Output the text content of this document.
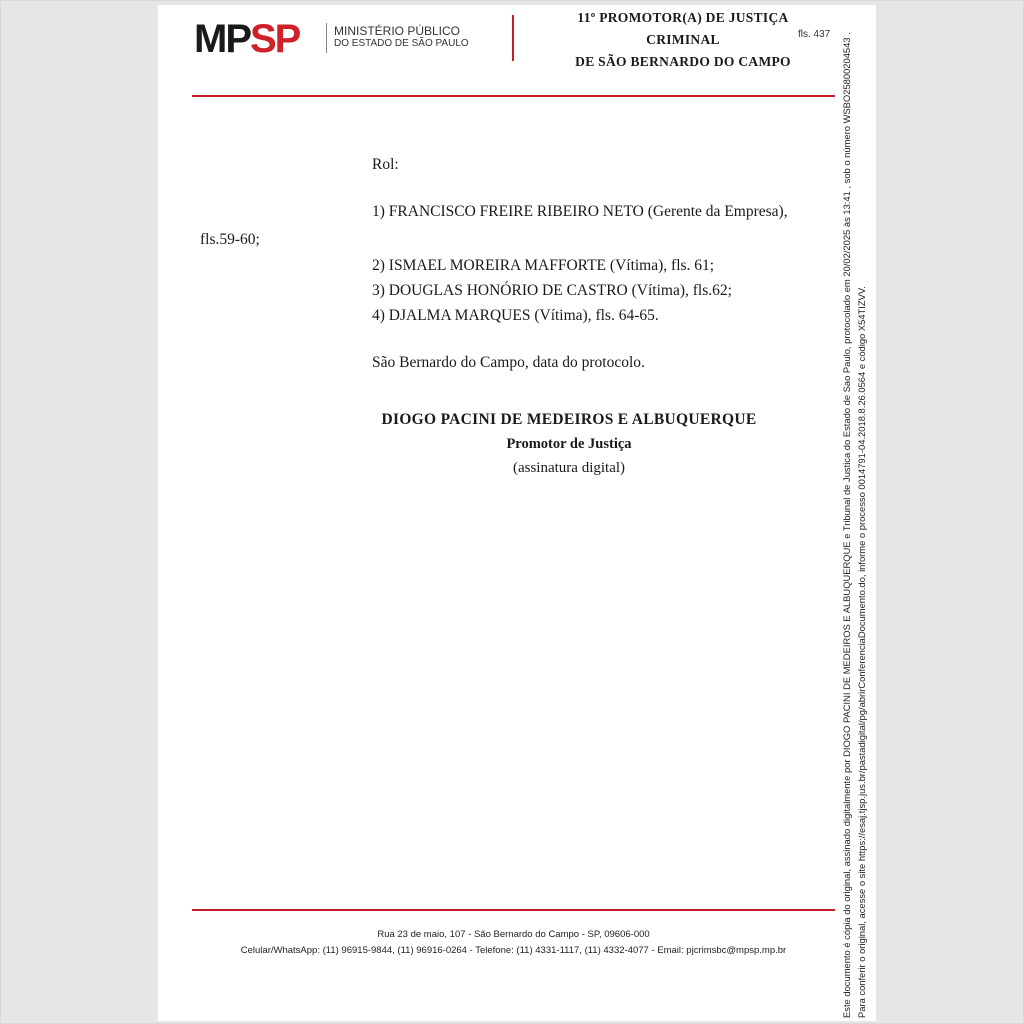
MPSP	MINISTÉRIO PÚBLICO
DO ESTADO DE SÃO PAULO
11º PROMOTOR(A) DE JUSTIÇA
CRIMINAL
DE SÃO BERNARDO DO CAMPO
fls. 437
Rol:
1) FRANCISCO FREIRE RIBEIRO NETO (Gerente da Empresa),
fls.59-60;
2) ISMAEL MOREIRA MAFFORTE (Vítima), fls. 61;
3) DOUGLAS HONÓRIO DE CASTRO (Vítima), fls.62;
4) DJALMA MARQUES (Vítima), fls. 64-65.
São Bernardo do Campo, data do protocolo.
DIOGO PACINI DE MEDEIROS E ALBUQUERQUE
Promotor de Justiça
(assinatura digital)
Rua 23 de maio, 107 - São Bernardo do Campo - SP, 09606-000
Celular/WhatsApp: (11) 96915-9844, (11) 96916-0264 - Telefone: (11) 4331-1117, (11) 4332-4077 - Email: pjcrimsbc@mpsp.mp.br	Este documento é cópia do original, assinado digitalmente por DIOGO PACINI DE MEDEIROS E ALBUQUERQUE e Tribunal de Justica do Estado de Sao Paulo, protocolado em 20/02/2025 às 13:41 , sob o número WSBO25800204543 . Para conferir o original, acesse o site https://esaj.tjsp.jus.br/pastadigital/pg/abrirConferenciaDocumento.do, informe o processo 0014791-04.2018.8.26.0564 e código X54TIZVV.
